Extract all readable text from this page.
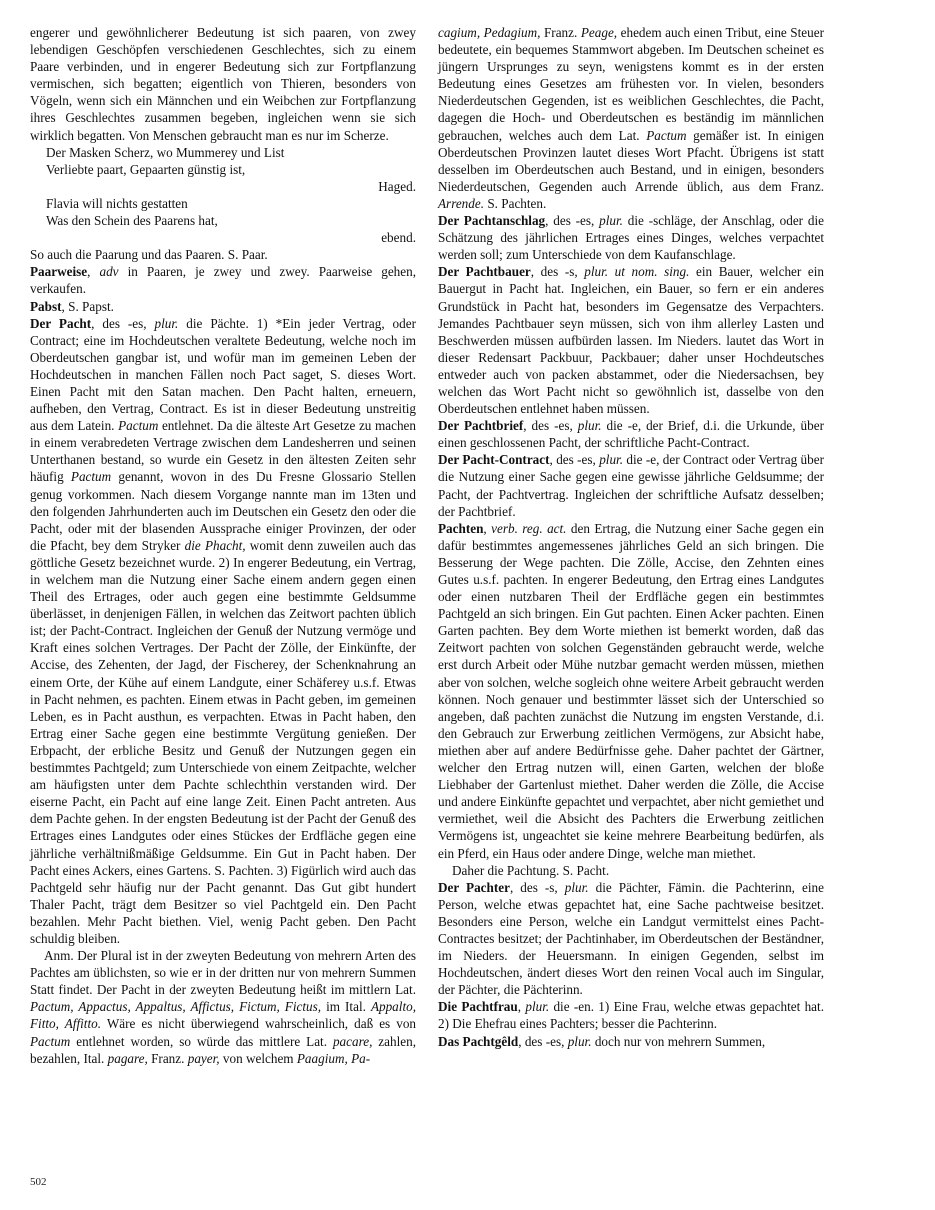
engerer und gewöhnlicherer Bedeutung ist sich paaren, von zwey lebendigen Geschöpfen verschiedenen Geschlechtes, sich zu einem Paare verbinden, und in engerer Bedeutung sich zur Fortpflanzung vermischen, sich begatten; eigentlich von Thieren, besonders von Vögeln, wenn sich ein Männchen und ein Weibchen zur Fortpflanzung ihres Geschlechtes zusammen begeben, ingleichen wenn sie sich wirklich begatten. Von Menschen gebraucht man es nur im Scherze.

Der Masken Scherz, wo Mummerey und List
Verliebte paart, Gepaarten günstig ist,
Haged.
Flavia will nichts gestatten
Was den Schein des Paarens hat,
ebend.

So auch die Paarung und das Paaren. S. Paar.

Paarweise, adv in Paaren, je zwey und zwey. Paarweise gehen, verkaufen.

Pabst, S. Papst.

Der Pacht, des -es, plur. die Pächte. 1) *Ein jeder Vertrag, oder Contract; eine im Hochdeutschen veraltete Bedeutung, welche noch im Oberdeutschen gangbar ist, und wofür man im gemeinen Leben der Hochdeutschen in manchen Fällen noch Pact saget, S. dieses Wort. Einen Pacht mit den Satan machen. Den Pacht halten, erneuern, aufheben, den Vertrag, Contract. Es ist in dieser Bedeutung unstreitig aus dem Latein. Pactum entlehnet. Da die älteste Art Gesetze zu machen in einem verabredeten Vertrage zwischen dem Landesherren und seinen Unterthanen bestand, so wurde ein Gesetz in den ältesten Zeiten sehr häufig Pactum genannt, wovon in des Du Fresne Glossario Stellen genug vorkommen. Nach diesem Vorgange nannte man im 13ten und den folgenden Jahrhunderten auch im Deutschen ein Gesetz den oder die Pacht, oder mit der blasenden Aussprache einiger Provinzen, der oder die Pfacht, bey dem Stryker die Phacht, womit denn zuweilen auch das göttliche Gesetz bezeichnet wurde. 2) In engerer Bedeutung, ein Vertrag, in welchem man die Nutzung einer Sache einem andern gegen einen Theil des Ertrages, oder auch gegen eine bestimmte Geldsumme überlässet, in denjenigen Fällen, in welchen das Zeitwort pachten üblich ist; der Pacht-Contract. Ingleichen der Genuß der Nutzung vermöge und Kraft eines solchen Vertrages. Der Pacht der Zölle, der Einkünfte, der Accise, des Zehenten, der Jagd, der Fischerey, der Schenknahrung an einem Orte, der Kühe auf einem Landgute, einer Schäferey u.s.f. Etwas in Pacht nehmen, es pachten. Einem etwas in Pacht geben, im gemeinen Leben, es in Pacht austhun, es verpachten. Etwas in Pacht haben, den Ertrag einer Sache gegen eine bestimmte Vergütung genießen. Der Erbpacht, der erbliche Besitz und Genuß der Nutzungen gegen ein bestimmtes Pachtgeld; zum Unterschiede von einem Zeitpachte, welcher am häufigsten unter dem Pachte schlechthin verstanden wird. Der eiserne Pacht, ein Pacht auf eine lange Zeit. Einen Pacht antreten. Aus dem Pachte gehen. In der engsten Bedeutung ist der Pacht der Genuß des Ertrages eines Landgutes oder eines Stückes der Erdfläche gegen eine jährliche verhältnißmäßige Geldsumme. Ein Gut in Pacht haben. Der Pacht eines Ackers, eines Gartens. S. Pachten. 3) Figürlich wird auch das Pachtgeld sehr häufig nur der Pacht genannt. Das Gut gibt hundert Thaler Pacht, trägt dem Besitzer so viel Pachtgeld ein. Den Pacht bezahlen. Mehr Pacht biethen. Viel, wenig Pacht geben. Den Pacht schuldig bleiben.

Anm. Der Plural ist in der zweyten Bedeutung von mehrern Arten des Pachtes am üblichsten, so wie er in der dritten nur von mehrern Summen Statt findet. Der Pacht in der zweyten Bedeutung heißt im mittlern Lat. Pactum, Appactus, Appaltus, Affictus, Fictum, Fictus, im Ital. Appalto, Fitto, Affitto. Wäre es nicht überwiegend wahrscheinlich, daß es von Pactum entlehnet worden, so würde das mittlere Lat. pacare, zahlen, bezahlen, Ital. pagare, Franz. payer, von welchem Paagium, Pa-

cagium, Pedagium, Franz. Peage, ehedem auch einen Tribut, eine Steuer bedeutete, ein bequemes Stammwort abgeben. Im Deutschen scheinet es jüngern Ursprunges zu seyn, wenigstens kommt es in der ersten Bedeutung eines Gesetzes am frühesten vor. In vielen, besonders Niederdeutschen Gegenden, ist es weiblichen Geschlechtes, die Pacht, dagegen die Hoch- und Oberdeutschen es beständig im männlichen gebrauchen, welches auch dem Lat. Pactum gemäßer ist. In einigen Oberdeutschen Provinzen lautet dieses Wort Pfacht. Übrigens ist statt desselben im Oberdeutschen auch Bestand, und in einigen, besonders Niederdeutschen, Gegenden auch Arrende üblich, aus dem Franz. Arrende. S. Pachten.

Der Pachtanschlag, des -es, plur. die -schläge, der Anschlag, oder die Schätzung des jährlichen Ertrages eines Dinges, welches verpachtet werden soll; zum Unterschiede von dem Kaufanschlage.

Der Pachtbauer, des -s, plur. ut nom. sing. ein Bauer, welcher ein Bauergut in Pacht hat. Ingleichen, ein Bauer, so fern er ein anderes Grundstück in Pacht hat, besonders im Gegensatze des Verpachters. Jemandes Pachtbauer seyn müssen, sich von ihm allerley Lasten und Beschwerden müssen aufbürden lassen. Im Nieders. lautet das Wort in dieser Redensart Packbuur, Packbauer; daher unser Hochdeutsches entweder auch von packen abstammet, oder die Niedersachsen, bey welchen das Wort Pacht nicht so gewöhnlich ist, dasselbe von den Oberdeutschen entlehnet haben müssen.

Der Pachtbrief, des -es, plur. die -e, der Brief, d.i. die Urkunde, über einen geschlossenen Pacht, der schriftliche Pacht-Contract.

Der Pacht-Contract, des -es, plur. die -e, der Contract oder Vertrag über die Nutzung einer Sache gegen eine gewisse jährliche Geldsumme; der Pacht, der Pachtvertrag. Ingleichen der schriftliche Aufsatz desselben; der Pachtbrief.

Pachten, verb. reg. act. den Ertrag, die Nutzung einer Sache gegen ein dafür bestimmtes angemessenes jährliches Geld an sich bringen. Die Besserung der Wege pachten. Die Zölle, Accise, den Zehnten eines Gutes u.s.f. pachten. In engerer Bedeutung, den Ertrag eines Landgutes oder einen nutzbaren Theil der Erdfläche gegen ein bestimmtes Pachtgeld an sich bringen. Ein Gut pachten. Einen Acker pachten. Einen Garten pachten. Bey dem Worte miethen ist bemerkt worden, daß das Zeitwort pachten von solchen Gegenständen gebraucht werde, welche erst durch Arbeit oder Mühe nutzbar gemacht werden müssen, miethen aber von solchen, welche sogleich ohne weitere Arbeit gebraucht werden können. Noch genauer und bestimmter lässet sich der Unterschied so angeben, daß pachten zunächst die Nutzung im engsten Verstande, d.i. den Gebrauch zur Erwerbung zeitlichen Vermögens, zur Absicht habe, miethen aber auf andere Bedürfnisse gehe. Daher pachtet der Gärtner, welcher den Ertrag nutzen will, einen Garten, welchen der bloße Liebhaber der Gartenlust miethet. Daher werden die Zölle, die Accise und andere Einkünfte gepachtet und verpachtet, aber nicht gemiethet und vermiethet, weil die Absicht des Pachters die Erwerbung zeitlichen Vermögens ist, ungeachtet sie keine mehrere Bearbeitung bedürfen, als ein Pferd, ein Haus oder andere Dinge, welche man miethet.

Daher die Pachtung. S. Pacht.

Der Pachter, des -s, plur. die Pächter, Fämin. die Pachterinn, eine Person, welche etwas gepachtet hat, eine Sache pachtweise besitzet. Besonders eine Person, welche ein Landgut vermittelst eines Pacht-Contractes besitzet; der Pachtinhaber, im Oberdeutschen der Beständner, im Nieders. der Heuersmann. In einigen Gegenden, selbst im Hochdeutschen, ändert dieses Wort den reinen Vocal auch im Singular, der Pächter, die Pächterinn.

Die Pachtfrau, plur. die -en. 1) Eine Frau, welche etwas gepachtet hat. 2) Die Ehefrau eines Pachters; besser die Pachterinn.

Das Pachtgêld, des -es, plur. doch nur von mehrern Summen,

502
